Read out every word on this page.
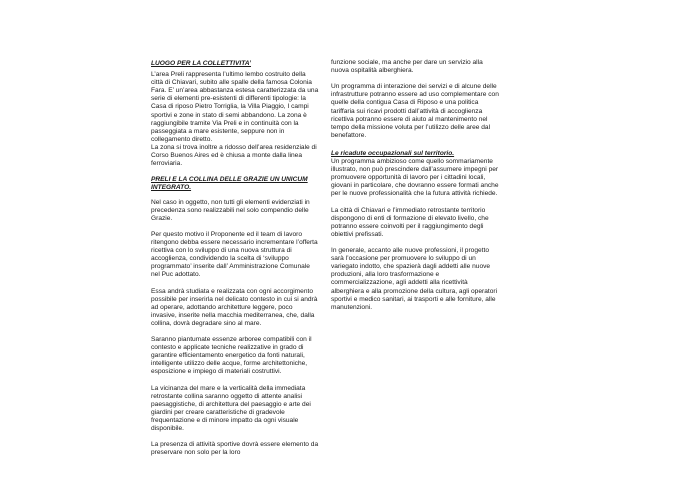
LUOGO PER LA COLLETTIVITA’

L’area Preli rappresenta l’ultimo lembo costruito della città di Chiavari, subito alle spalle della famosa Colonia Fara. E’ un’area abbastanza estesa caratterizzata da una serie di elementi pre-esistenti di differenti tipologie: la Casa di riposo Pietro Torriglia, la Villa Piaggio, I campi sportivi e zone in stato di semi abbandono. La zona è raggiungibile tramite Via Preli e in continuità con la passeggiata a mare esistente, seppure non in collegamento diretto.

La zona si trova inoltre a ridosso dell’area residenziale di Corso Buenos Aires ed è chiusa a monte dalla linea ferroviaria.

PRELI E LA COLLINA DELLE GRAZIE UN UNICUM INTEGRATO.

Nel caso in oggetto, non tutti gli elementi evidenziati in precedenza sono realizzabili nel solo compendio delle Grazie.

Per questo motivo il Proponente ed il team di lavoro ritengono debba essere necessario incrementare l’offerta ricettiva con lo sviluppo di una nuova struttura di accoglienza, condividendo la scelta di ‘sviluppo programmato’ inserite dall’ Amministrazione Comunale nel Puc adottato.

Essa andrà studiata e realizzata con ogni accorgimento possibile per inserirla nel delicato contesto in cui si andrà ad operare, adottando architetture leggere, poco invasive, inserite nella macchia mediterranea, che, dalla collina, dovrà degradare sino al mare.

Saranno piantumate essenze arboree compatibili con il contesto e applicate tecniche realizzative in grado di garantire efficientamento energetico da fonti naturali, intelligente utilizzo delle acque, forme architettoniche, esposizione e impiego di materiali costruttivi.

La vicinanza del mare e la verticalità della immediata retrostante collina saranno oggetto di attente analisi paesaggistiche, di architettura del paesaggio e arte dei giardini per creare caratteristiche di gradevole frequentazione e di minore impatto da ogni visuale disponibile.

La presenza di attività sportive dovrà essere elemento da preservare non solo per la loro

funzione sociale, ma anche per dare un servizio alla nuova ospitalità alberghiera.

Un programma di interazione dei servizi e di alcune delle infrastrutture potranno essere ad uso complementare con quelle della contigua Casa di Riposo e una politica tariffaria sui ricavi prodotti dall’attività di accoglienza ricettiva potranno essere di aiuto al mantenimento nel tempo della missione voluta per l’utilizzo delle aree dal benefattore.

Le ricadute occupazionali sul territorio.

Un programma ambizioso come quello sommariamente illustrato, non può prescindere dall’assumere impegni per promuovere opportunità di lavoro per i cittadini locali, giovani in particolare, che dovranno essere formati anche per le nuove professionalità che la futura attività richiede.

La città di Chiavari e l’immediato retrostante territorio dispongono di enti di formazione di elevato livello, che potranno essere coinvolti per il raggiungimento degli obiettivi prefissati.

In generale, accanto alle nuove professioni, il progetto sarà l’occasione per promuovere lo sviluppo di un variegato indotto, che spazierà dagli addetti alle nuove produzioni, alla loro trasformazione e commercializzazione, agli addetti alla ricettività alberghiera e alla promozione della cultura, agli operatori sportivi e medico sanitari, ai trasporti e alle forniture, alle manutenzioni.
